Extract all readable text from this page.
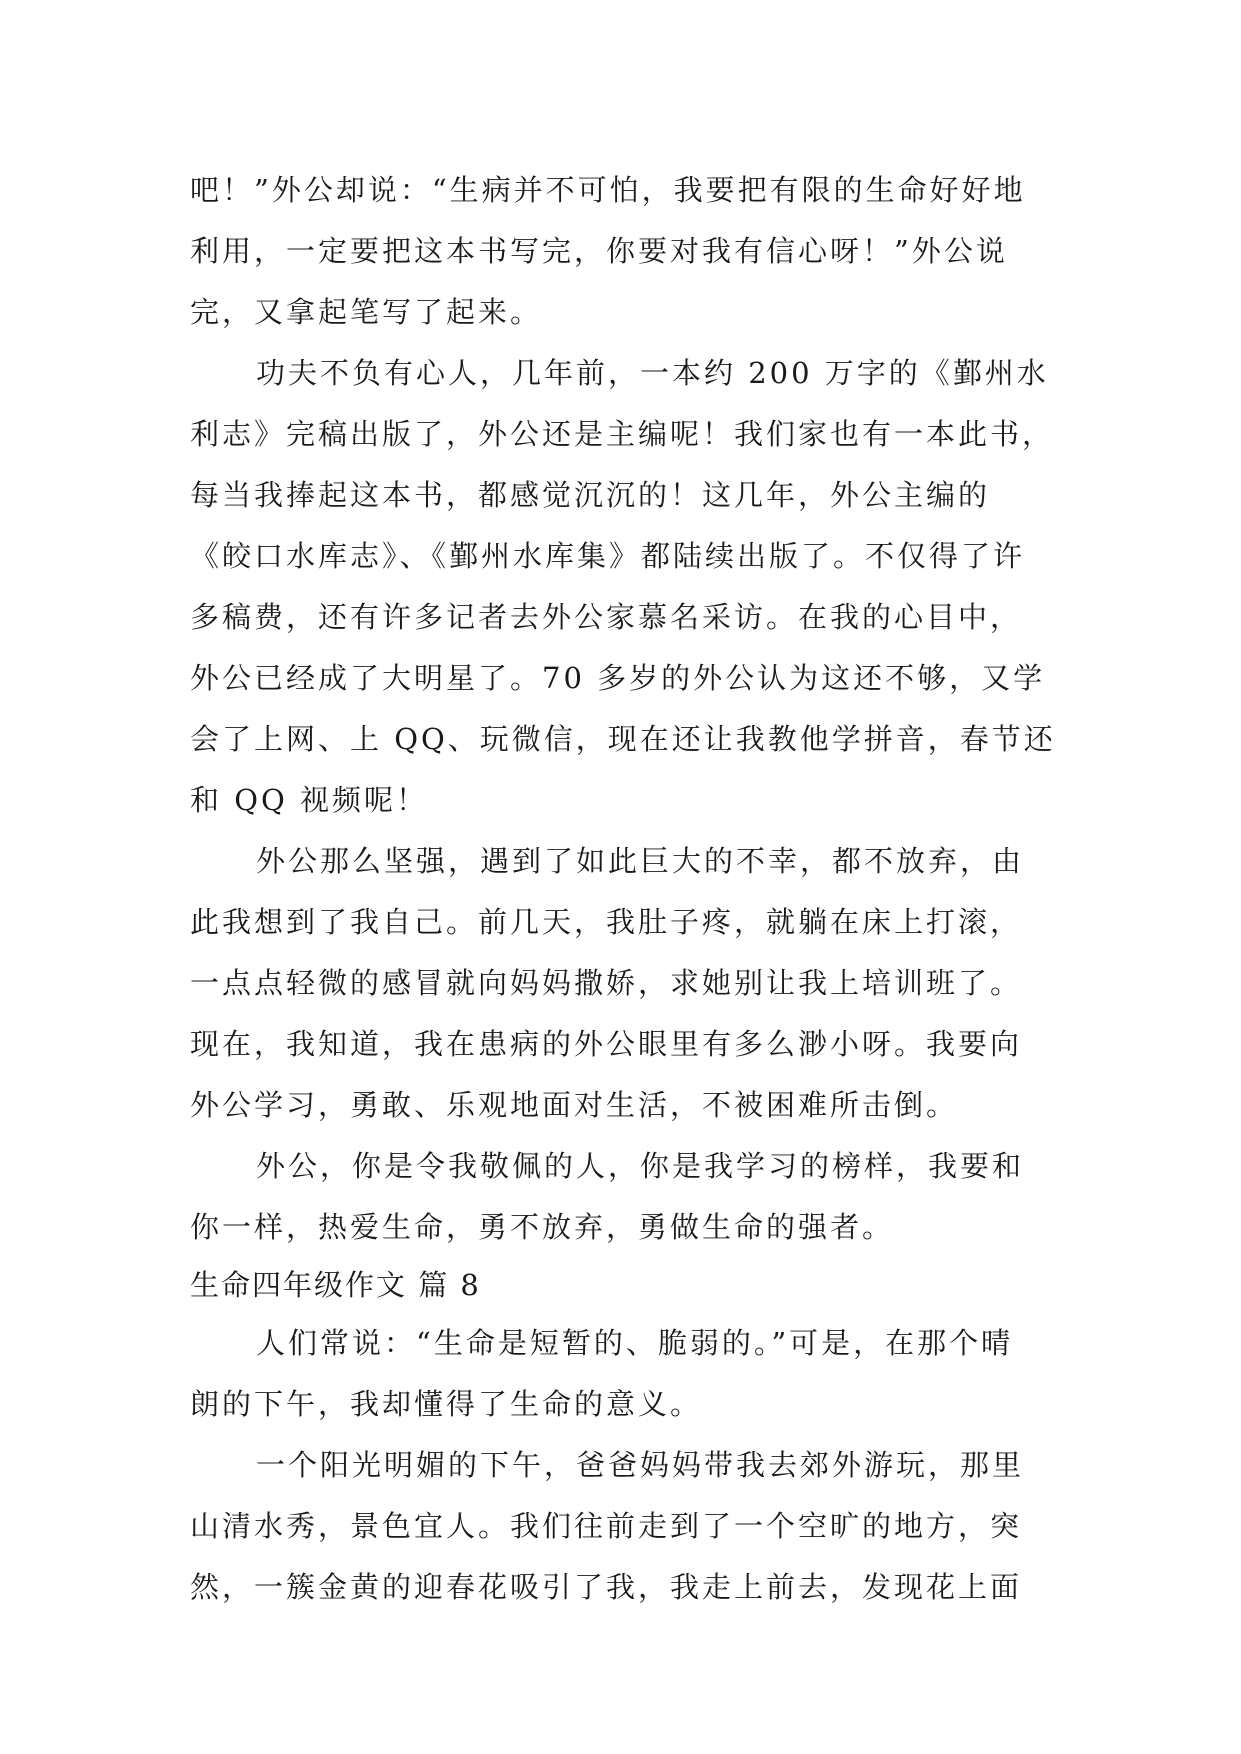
吧！”外公却说：“生病并不可怕，我要把有限的生命好好地
利用，一定要把这本书写完，你要对我有信心呀！”外公说
完，又拿起笔写了起来。
功夫不负有心人，几年前，一本约 200 万字的《鄞州水
利志》完稿出版了，外公还是主编呢！我们家也有一本此书，
每当我捧起这本书，都感觉沉沉的！这几年，外公主编的
《皎口水库志》、《鄞州水库集》都陆续出版了。不仅得了许
多稿费，还有许多记者去外公家慕名采访。在我的心目中，
外公已经成了大明星了。70 多岁的外公认为这还不够，又学
会了上网、上 QQ、玩微信，现在还让我教他学拼音，春节还
和 QQ 视频呢！
外公那么坚强，遇到了如此巨大的不幸，都不放弃，由
此我想到了我自己。前几天，我肚子疼，就躺在床上打滚，
一点点轻微的感冒就向妈妈撒娇，求她别让我上培训班了。
现在，我知道，我在患病的外公眼里有多么渺小呀。我要向
外公学习，勇敢、乐观地面对生活，不被困难所击倒。
外公，你是令我敬佩的人，你是我学习的榜样，我要和
你一样，热爱生命，勇不放弃，勇做生命的强者。
生命四年级作文 篇 8
人们常说：“生命是短暂的、脆弱的。”可是，在那个晴
朗的下午，我却懂得了生命的意义。
一个阳光明媚的下午，爸爸妈妈带我去郊外游玩，那里
山清水秀，景色宜人。我们往前走到了一个空旷的地方，突
然，一簇金黄的迎春花吸引了我，我走上前去，发现花上面
